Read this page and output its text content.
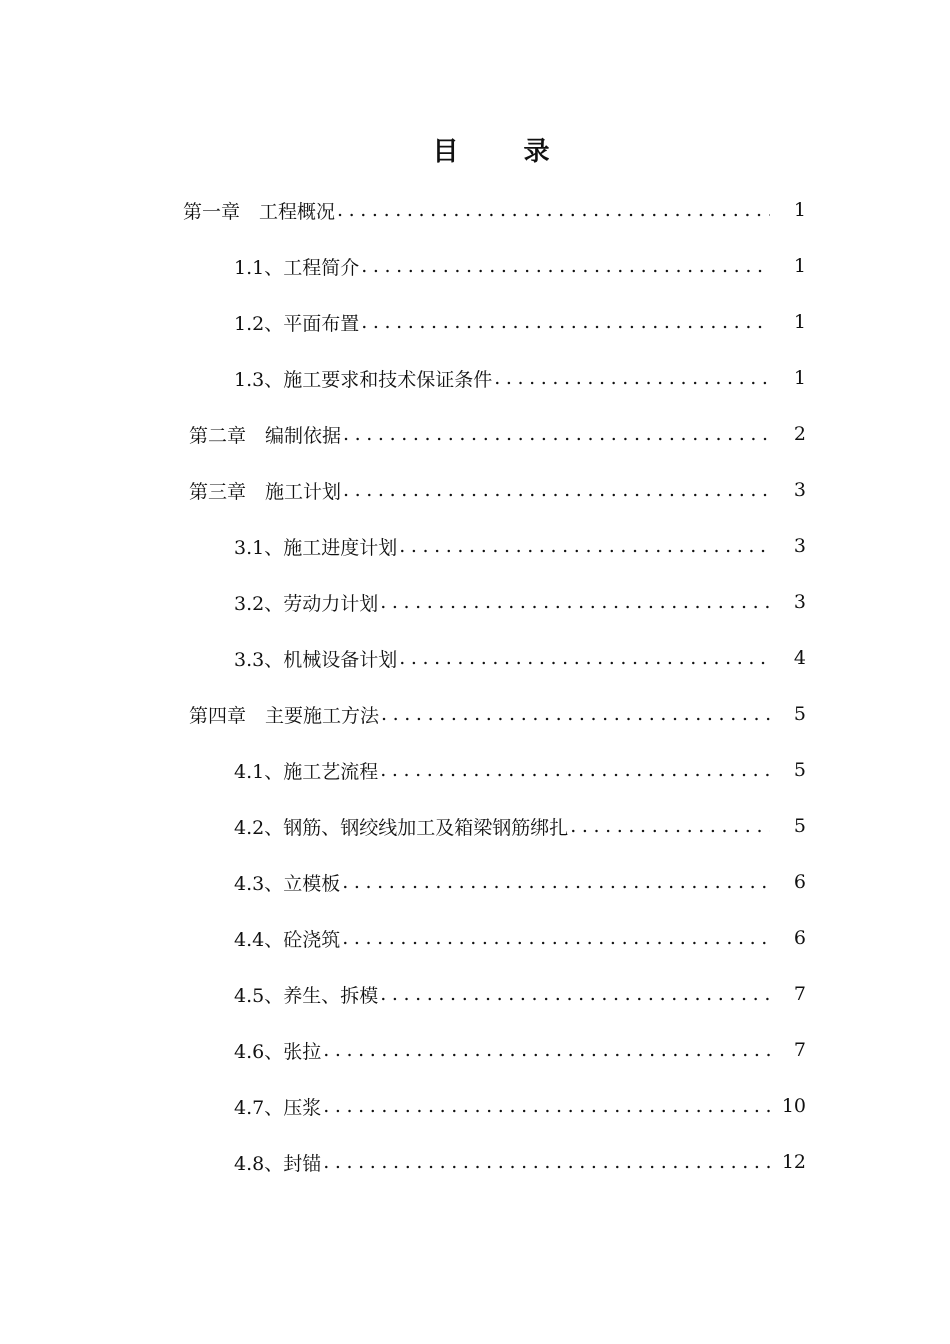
目 录
第一章　工程概况 .....	1
1.1、工程简介 .....	1
1.2、平面布置 .....	1
1.3、施工要求和技术保证条件 .....	1
第二章　编制依据 .....	2
第三章　施工计划 .....	3
3.1、施工进度计划 .....	3
3.2、劳动力计划 .....	3
3.3、机械设备计划 .....	4
第四章　主要施工方法 .....	5
4.1、施工艺流程 .....	5
4.2、钢筋、钢绞线加工及箱梁钢筋绑扎 .....	5
4.3、立模板 .....	6
4.4、砼浇筑 .....	6
4.5、养生、拆模 .....	7
4.6、张拉 .....	7
4.7、压浆 .....	10
4.8、封锚 .....	12
